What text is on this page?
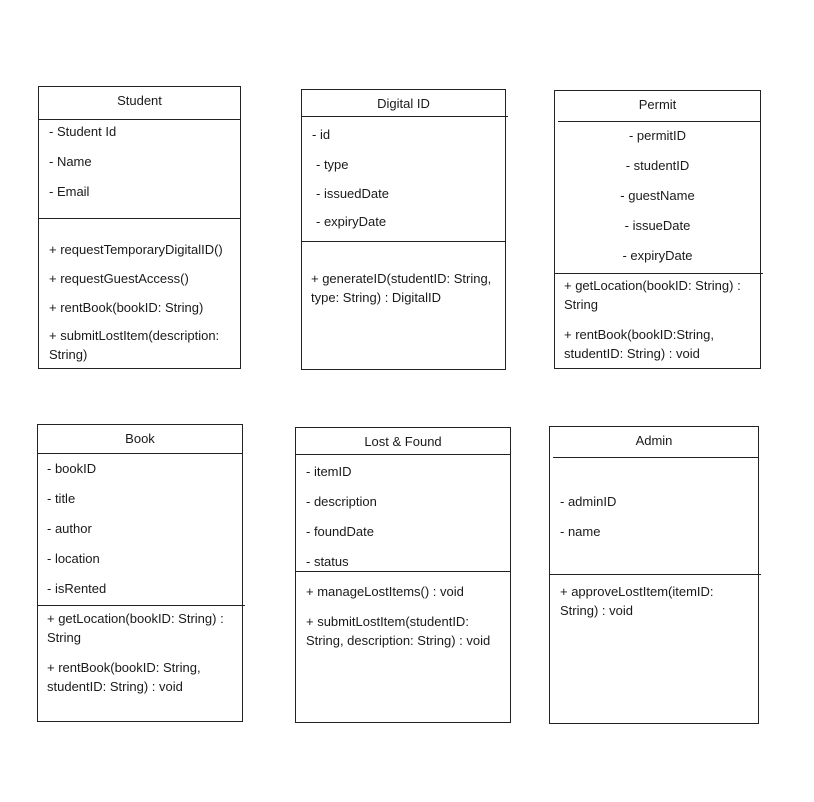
Student
- Student Id
- Name
- Email
+ requestTemporaryDigitalID()
+ requestGuestAccess()
+ rentBook(bookID: String)
+ submitLostItem(description: String)
Digital ID
- id
- type
- issuedDate
- expiryDate
+ generateID(studentID: String, type: String) : DigitalID
Permit
- permitID
- studentID
- guestName
- issueDate
- expiryDate
+ getLocation(bookID: String) : String
+ rentBook(bookID:String, studentID: String) : void
Book
- bookID
- title
- author
- location
- isRented
+ getLocation(bookID: String) : String
+ rentBook(bookID: String, studentID: String) : void
Lost & Found
- itemID
- description
- foundDate
- status
+ manageLostItems() : void
+ submitLostItem(studentID: String, description: String) : void
Admin
- adminID
- name
+ approveLostItem(itemID: String) : void
